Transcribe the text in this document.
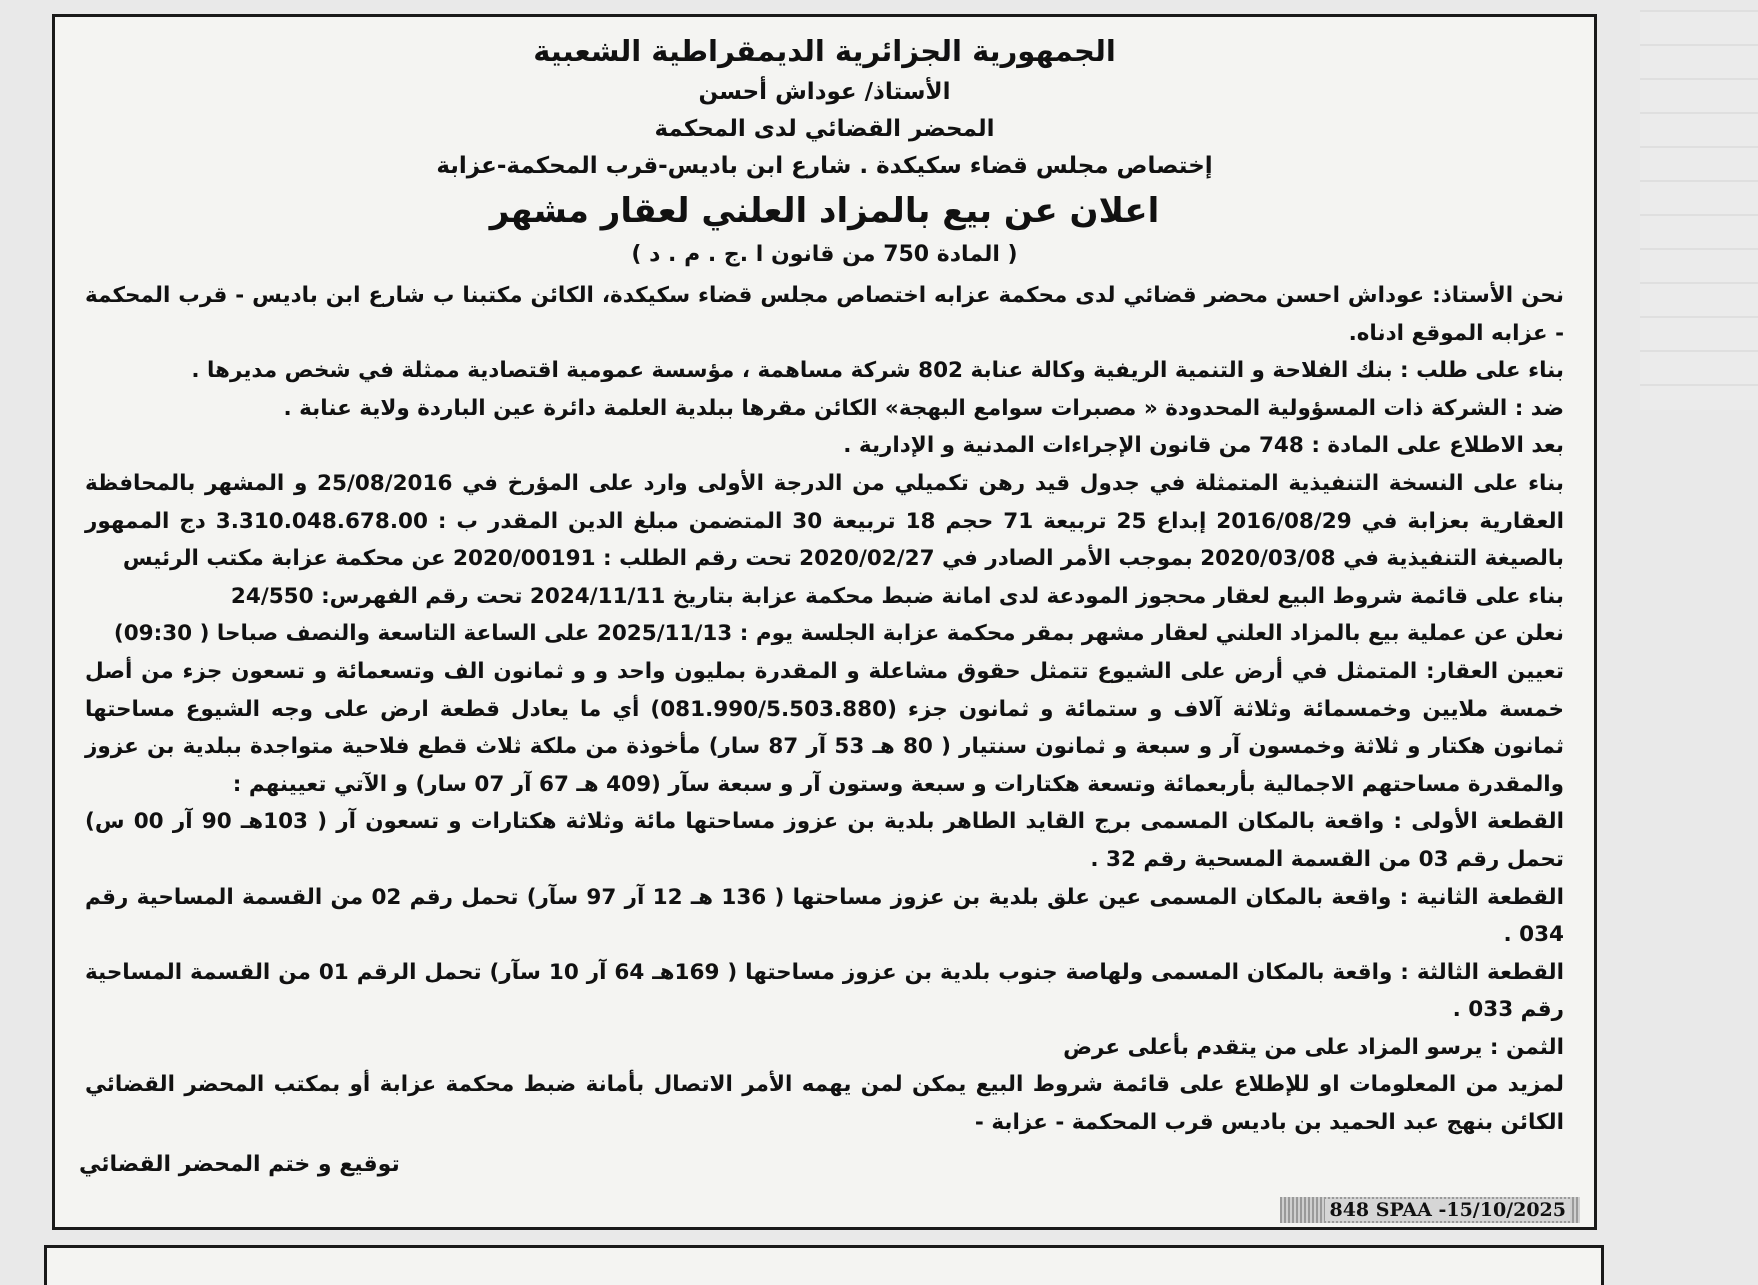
الجمهورية الجزائرية الديمقراطية الشعبية
الأستاذ/ عوداش أحسن
المحضر القضائي لدى المحكمة
إختصاص مجلس قضاء سكيكدة . شارع ابن باديس-قرب المحكمة-عزابة
اعلان عن بيع بالمزاد العلني لعقار مشهر
( المادة 750 من قانون ا .ج . م . د )

نحن الأستاذ: عوداش احسن محضر قضائي لدى محكمة عزابه اختصاص مجلس قضاء سكيكدة، الكائن مكتبنا ب شارع ابن باديس - قرب المحكمة - عزابه الموقع ادناه.

بناء على طلب : بنك الفلاحة و التنمية الريفية وكالة عنابة 802 شركة مساهمة ، مؤسسة عمومية اقتصادية ممثلة في شخص مديرها .

ضد : الشركة ذات المسؤولية المحدودة « مصبرات سوامع البهجة» الكائن مقرها ببلدية العلمة دائرة عين الباردة ولاية عنابة .

بعد الاطلاع على المادة : 748 من قانون الإجراءات المدنية و الإدارية .

بناء على النسخة التنفيذية المتمثلة في جدول قيد رهن تكميلي من الدرجة الأولى وارد على المؤرخ في 25/08/2016 و المشهر بالمحافظة العقارية بعزابة في 2016/08/29 إبداع 25 تربيعة 71 حجم 18 تربيعة 30 المتضمن مبلغ الدين المقدر ب : 3.310.048.678.00 دج الممهور بالصيغة التنفيذية في 2020/03/08 بموجب الأمر الصادر في 2020/02/27 تحت رقم الطلب : 2020/00191 عن محكمة عزابة مكتب الرئيس

بناء على قائمة شروط البيع لعقار محجوز المودعة لدى امانة ضبط محكمة عزابة بتاريخ 2024/11/11 تحت رقم الفهرس: 24/550

نعلن عن عملية بيع بالمزاد العلني لعقار مشهر بمقر محكمة عزابة الجلسة يوم : 2025/11/13 على الساعة التاسعة والنصف صباحا ( 09:30)

تعيين العقار: المتمثل في أرض على الشيوع تتمثل حقوق مشاعلة و المقدرة بمليون واحد و و ثمانون الف وتسعمائة و تسعون جزء من أصل خمسة ملايين وخمسمائة وثلاثة آلاف و ستمائة و ثمانون جزء (081.990/5.503.880) أي ما يعادل قطعة ارض على وجه الشيوع مساحتها ثمانون هكتار و ثلاثة وخمسون آر و سبعة و ثمانون سنتيار ( 80 هـ 53 آر 87 سار) مأخوذة من ملكة ثلاث قطع فلاحية متواجدة ببلدية بن عزوز والمقدرة مساحتهم الاجمالية بأربعمائة وتسعة هكتارات و سبعة وستون آر و سبعة سآر (409 هـ 67 آر 07 سار) و الآتي تعيينهم :

القطعة الأولى : واقعة بالمكان المسمى برج القايد الطاهر بلدية بن عزوز مساحتها مائة وثلاثة هكتارات و تسعون آر ( 103هـ 90 آر 00 س) تحمل رقم 03 من القسمة المسحية رقم 32 .

القطعة الثانية : واقعة بالمكان المسمى عين علق بلدية بن عزوز مساحتها ( 136 هـ 12 آر 97 سآر) تحمل رقم 02 من القسمة المساحية رقم 034 .

القطعة الثالثة : واقعة بالمكان المسمى ولهاصة جنوب بلدية بن عزوز مساحتها ( 169هـ 64 آر 10 سآر) تحمل الرقم 01 من القسمة المساحية رقم 033 .

الثمن : يرسو المزاد على من يتقدم بأعلى عرض

لمزيد من المعلومات او للإطلاع على قائمة شروط البيع يمكن لمن يهمه الأمر الاتصال بأمانة ضبط محكمة عزابة أو بمكتب المحضر القضائي الكائن بنهج عبد الحميد بن باديس قرب المحكمة - عزابة -

توقيع و ختم المحضر القضائي
848 SPAA -15/10/2025
